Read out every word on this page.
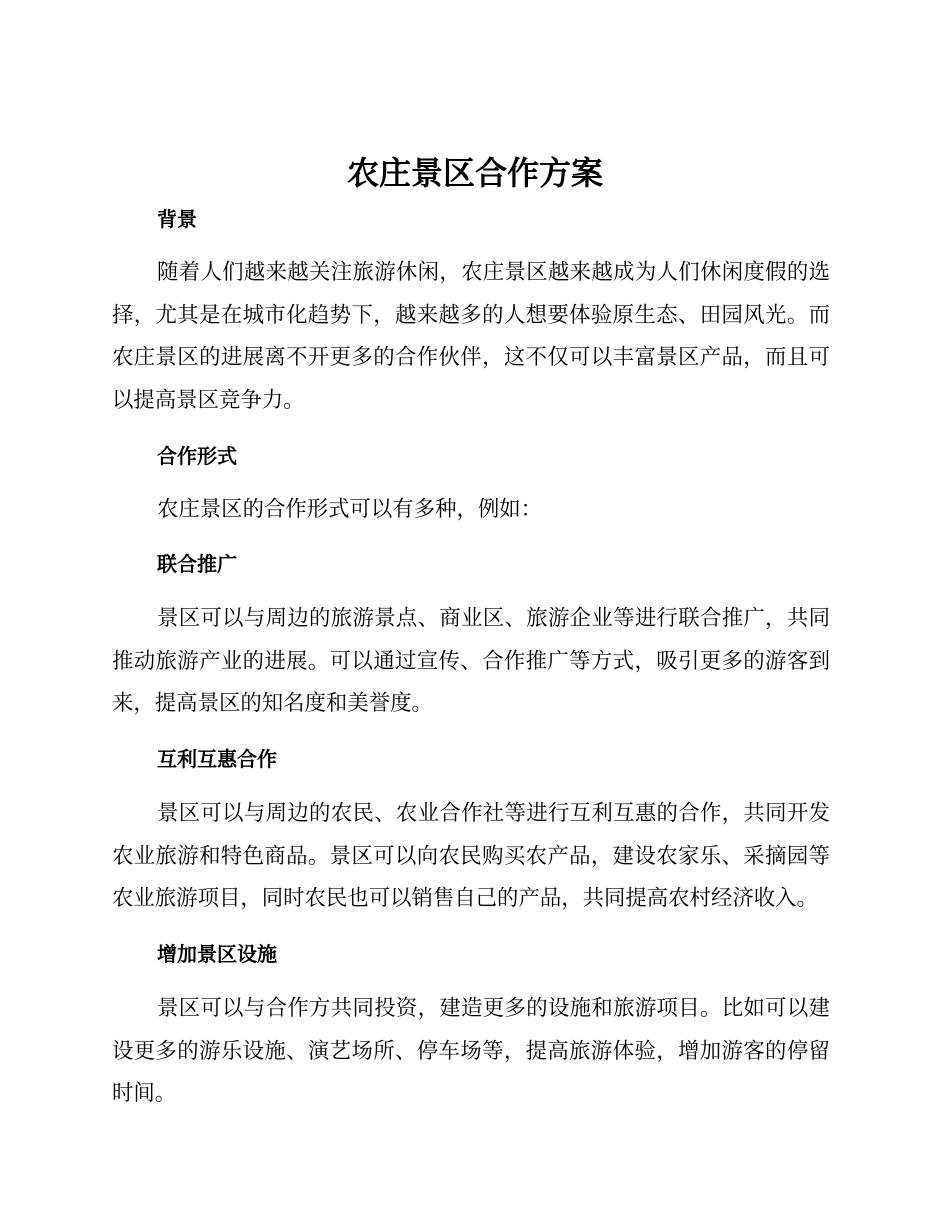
农庄景区合作方案
背景

随着人们越来越关注旅游休闲，农庄景区越来越成为人们休闲度假的选择，尤其是在城市化趋势下，越来越多的人想要体验原生态、田园风光。而农庄景区的进展离不开更多的合作伙伴，这不仅可以丰富景区产品，而且可以提高景区竞争力。

合作形式

农庄景区的合作形式可以有多种，例如：

联合推广

景区可以与周边的旅游景点、商业区、旅游企业等进行联合推广，共同推动旅游产业的进展。可以通过宣传、合作推广等方式，吸引更多的游客到来，提高景区的知名度和美誉度。

互利互惠合作

景区可以与周边的农民、农业合作社等进行互利互惠的合作，共同开发农业旅游和特色商品。景区可以向农民购买农产品，建设农家乐、采摘园等农业旅游项目，同时农民也可以销售自己的产品，共同提高农村经济收入。

增加景区设施

景区可以与合作方共同投资，建造更多的设施和旅游项目。比如可以建设更多的游乐设施、演艺场所、停车场等，提高旅游体验，增加游客的停留时间。
